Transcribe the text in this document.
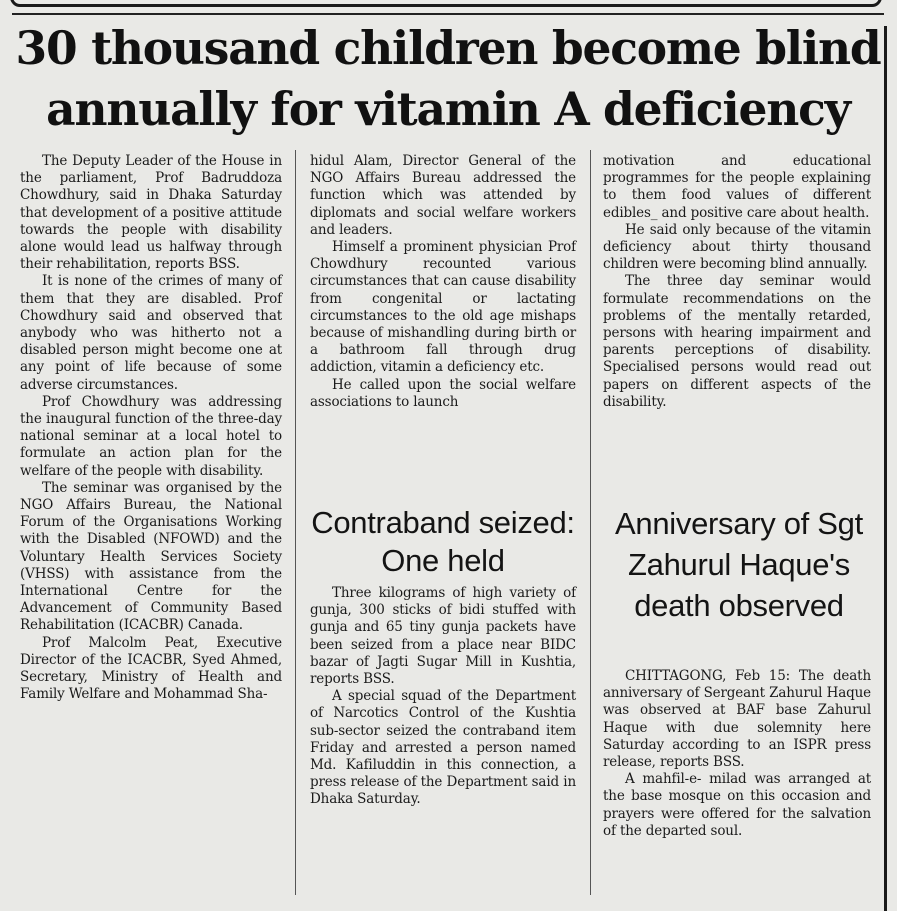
30 thousand children become blind annually for vitamin A deficiency

The Deputy Leader of the House in the parliament, Prof Badruddoza Chowdhury, said in Dhaka Saturday that development of a positive attitude towards the people with disability alone would lead us halfway through their rehabilitation, reports BSS.

It is none of the crimes of many of them that they are disabled. Prof Chowdhury said and observed that anybody who was hitherto not a disabled person might become one at any point of life because of some adverse circumstances.

Prof Chowdhury was addressing the inaugural function of the three-day national seminar at a local hotel to formulate an action plan for the welfare of the people with disability.

The seminar was organised by the NGO Affairs Bureau, the National Forum of the Organisations Working with the Disabled (NFOWD) and the Voluntary Health Services Society (VHSS) with assistance from the International Centre for the Advancement of Community Based Rehabilitation (ICACBR) Canada.

Prof Malcolm Peat, Executive Director of the ICACBR, Syed Ahmed, Secretary, Ministry of Health and Family Welfare and Mohammad Sha-

hidul Alam, Director General of the NGO Affairs Bureau addressed the function which was attended by diplomats and social welfare workers and leaders.

Himself a prominent physician Prof Chowdhury recounted various circumstances that can cause disability from congenital or lactating circumstances to the old age mishaps because of mishandling during birth or a bathroom fall through drug addiction, vitamin a deficiency etc.

He called upon the social welfare associations to launch

motivation and educational programmes for the people explaining to them food values of different edibles_ and positive care about health.

He said only because of the vitamin deficiency about thirty thousand children were becoming blind annually.

The three day seminar would formulate recommendations on the problems of the mentally retarded, persons with hearing impairment and parents perceptions of disability. Specialised persons would read out papers on different aspects of the disability.

Contraband seized: One held

Three kilograms of high variety of gunja, 300 sticks of bidi stuffed with gunja and 65 tiny gunja packets have been seized from a place near BIDC bazar of Jagti Sugar Mill in Kushtia, reports BSS.

A special squad of the Department of Narcotics Control of the Kushtia sub-sector seized the contraband item Friday and arrested a person named Md. Kafiluddin in this connection, a press release of the Department said in Dhaka Saturday.

Anniversary of Sgt Zahurul Haque's death observed

CHITTAGONG, Feb 15: The death anniversary of Sergeant Zahurul Haque was observed at BAF base Zahurul Haque with due solemnity here Saturday according to an ISPR press release, reports BSS.

A mahfil-e- milad was arranged at the base mosque on this occasion and prayers were offered for the salvation of the departed soul.
